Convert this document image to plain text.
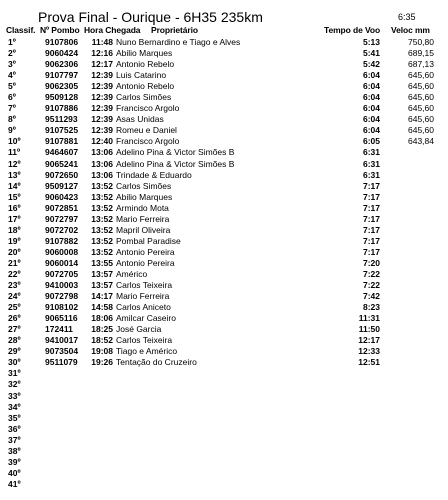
Prova Final - Ourique - 6H35 235km	6:35
Classif. Nº Pombo Hora Chegada Proprietário	Tempo de Voo Veloc mm
1º	9107806 11:48 Nuno Bernardino e Tiago e Alves	5:13	750,80
2º	9060424 12:16 Abilio Marques	5:41	689,15
3º	9062306 12:17 Antonio Rebelo	5:42	687,13
4º	9107797 12:39 Luis Catarino	6:04	645,60
5º	9062305 12:39 Antonio Rebelo	6:04	645,60
6º	9509128 12:39 Carlos Simões	6:04	645,60
7º	9107886 12:39 Francisco Argolo	6:04	645,60
8º	9511293 12:39 Asas Unidas	6:04	645,60
9º	9107525 12:39 Romeu e Daniel	6:04	645,60
10º	9107881 12:40 Francisco Argolo	6:05	643,84
11º	9464607 13:06 Adelino Pina & Victor Simões B	6:31
12º	9065241 13:06 Adelino Pina & Victor Simões B	6:31
13º	9072650 13:06 Trindade & Eduardo	6:31
14º	9509127 13:52 Carlos Simões	7:17
15º	9060423 13:52 Abilio Marques	7:17
16º	9072851 13:52 Armindo Mota	7:17
17º	9072797 13:52 Mario Ferreira	7:17
18º	9072702 13:52 Mapril Oliveira	7:17
19º	9107882 13:52 Pombal Paradise	7:17
20º	9060008 13:52 Antonio Pereira	7:17
21º	9060014 13:55 Antonio Pereira	7:20
22º	9072705 13:57 Américo	7:22
23º	9410003 13:57 Carlos Teixeira	7:22
24º	9072798 14:17 Mario Ferreira	7:42
25º	9108102 14:58 Carlos Aniceto	8:23
26º	9065116 18:06 Amilcar Caseiro	11:31
27º	172411 18:25 José Garcia	11:50
28º	9410017 18:52 Carlos Teixeira	12:17
29º	9073504 19:08 Tiago e Américo	12:33
30º	9511079 19:26 Tentação do Cruzeiro	12:51
31º
32º
33º
34º
35º
36º
37º
38º
39º
40º
41º
